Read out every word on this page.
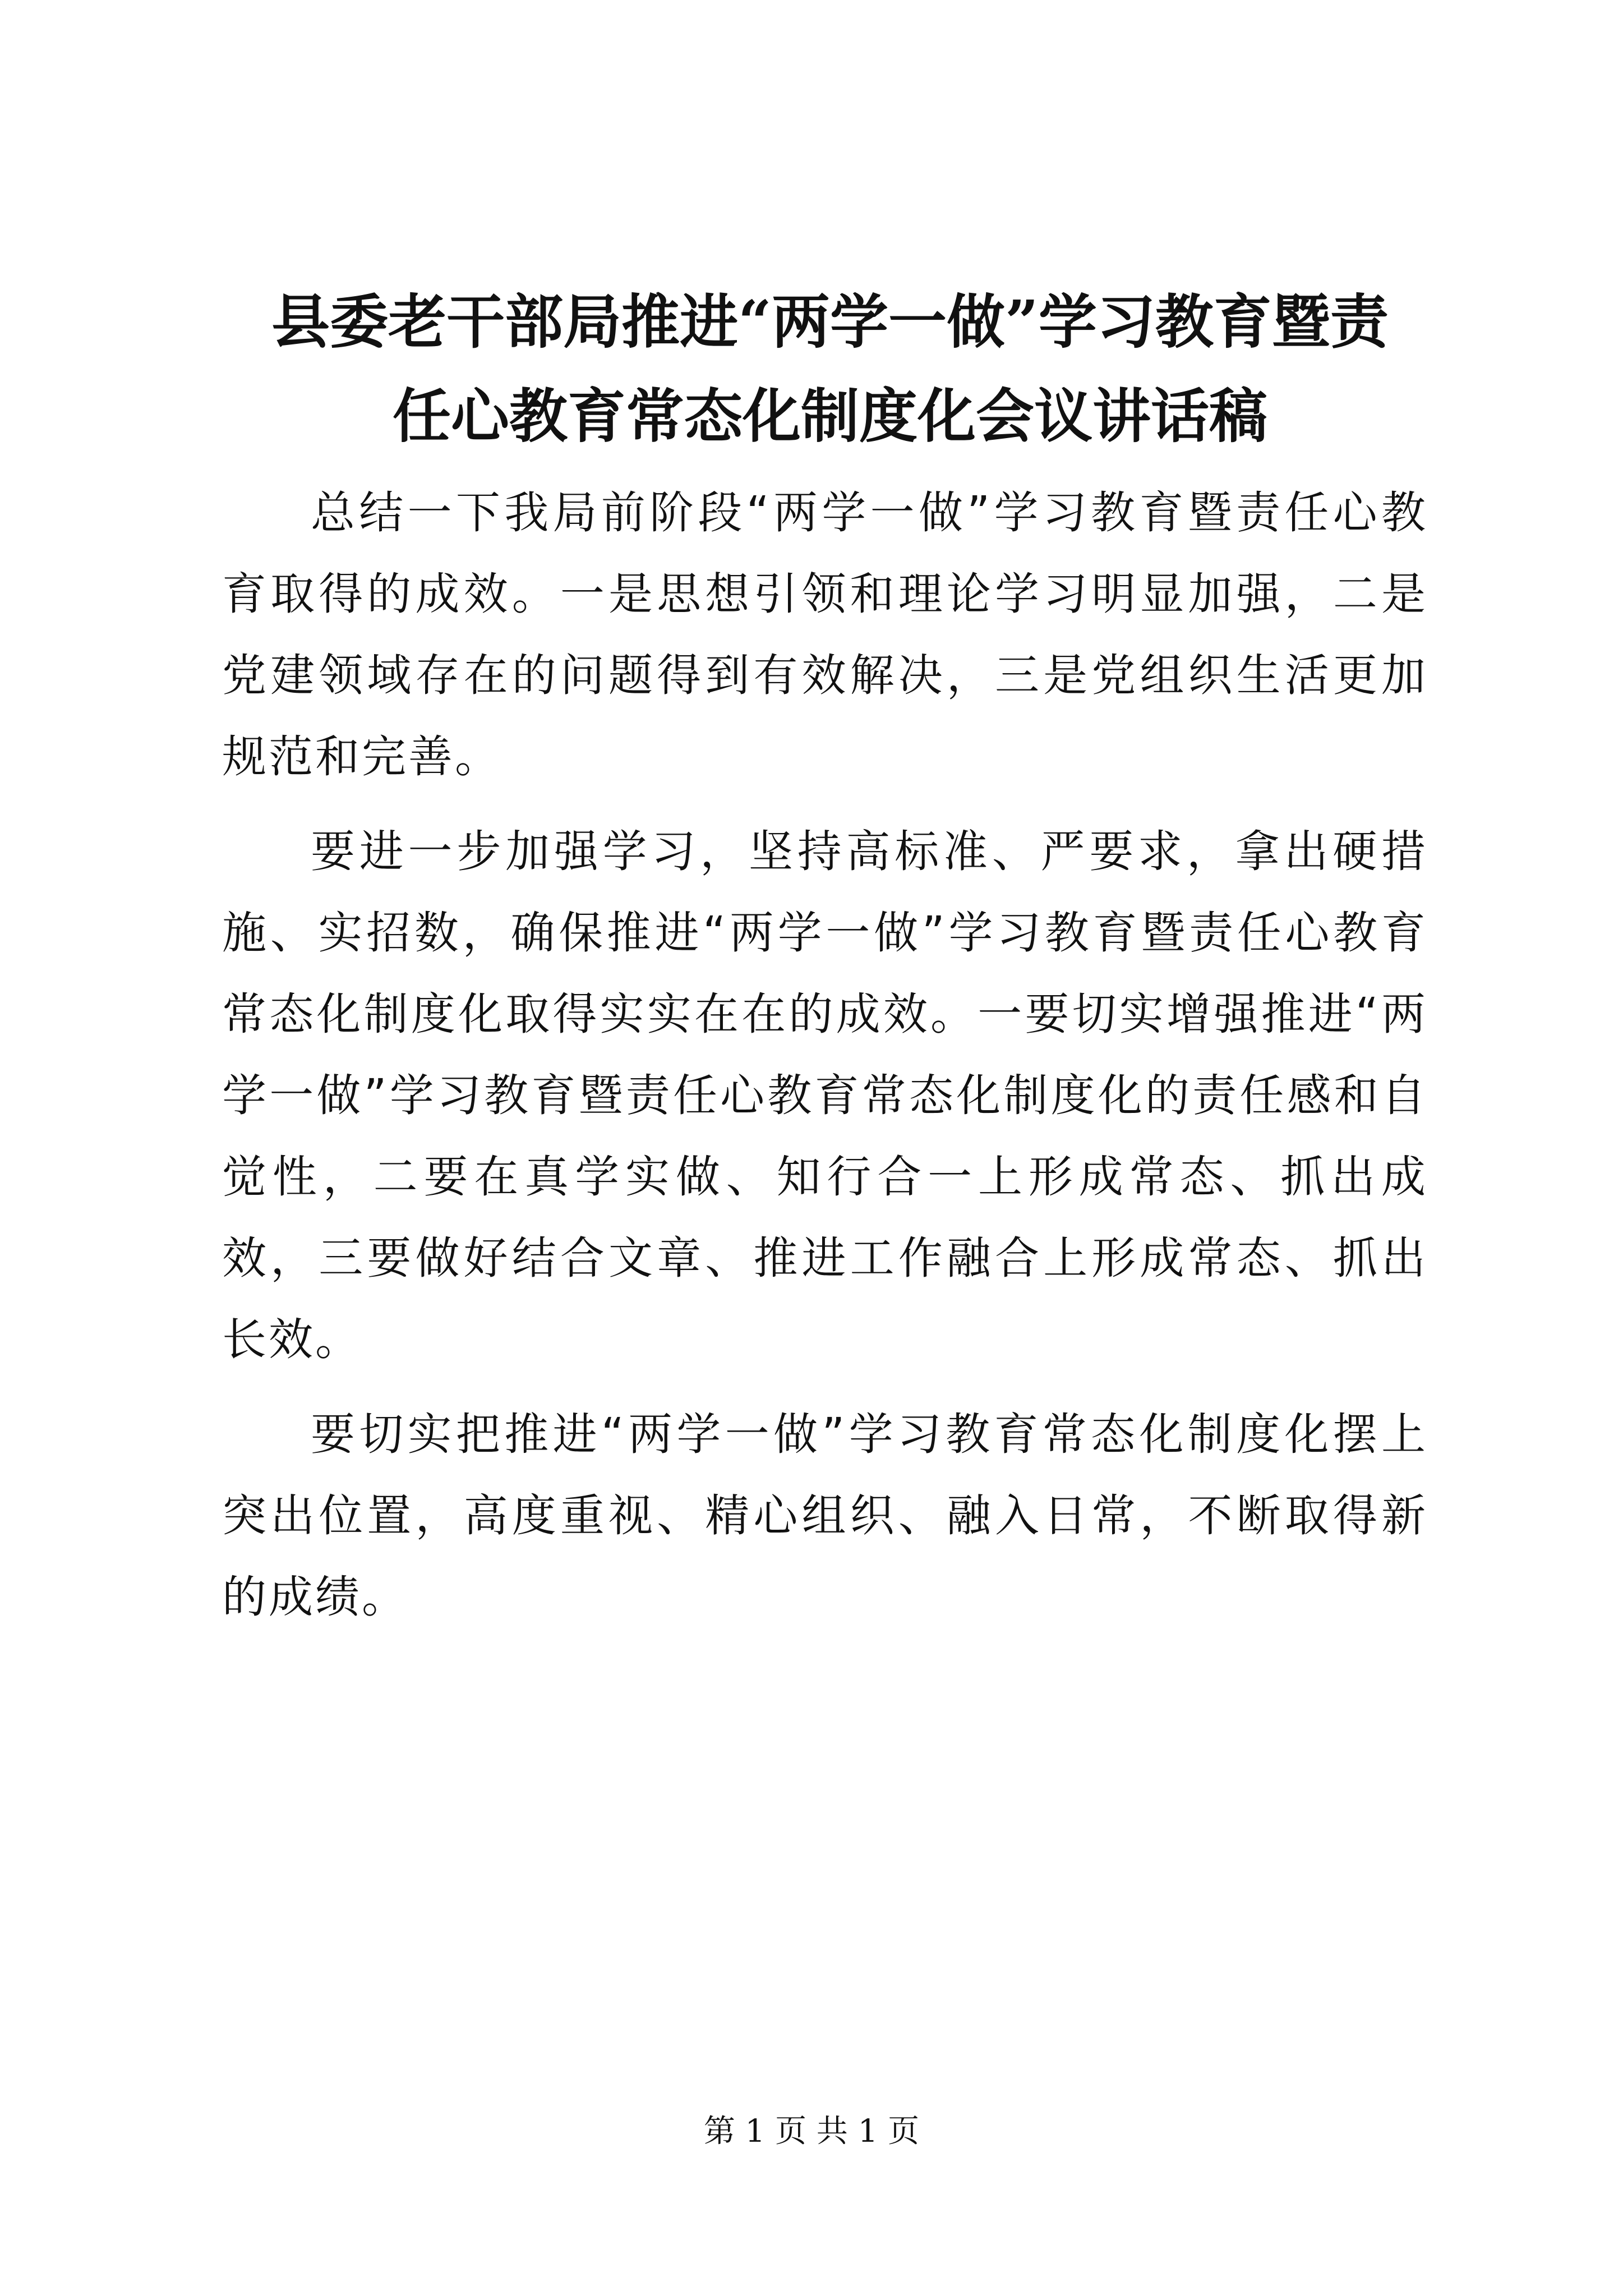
县委老干部局推进“两学一做”学习教育暨责
任心教育常态化制度化会议讲话稿

总结一下我局前阶段“两学一做”学习教育暨责任心教育取得的成效。一是思想引领和理论学习明显加强，二是党建领域存在的问题得到有效解决，三是党组织生活更加规范和完善。

要进一步加强学习，坚持高标准、严要求，拿出硬措施、实招数，确保推进“两学一做”学习教育暨责任心教育常态化制度化取得实实在在的成效。一要切实增强推进“两学一做”学习教育暨责任心教育常态化制度化的责任感和自觉性，二要在真学实做、知行合一上形成常态、抓出成效，三要做好结合文章、推进工作融合上形成常态、抓出长效。

要切实把推进“两学一做”学习教育常态化制度化摆上突出位置，高度重视、精心组织、融入日常，不断取得新的成绩。

第 1 页 共 1 页
